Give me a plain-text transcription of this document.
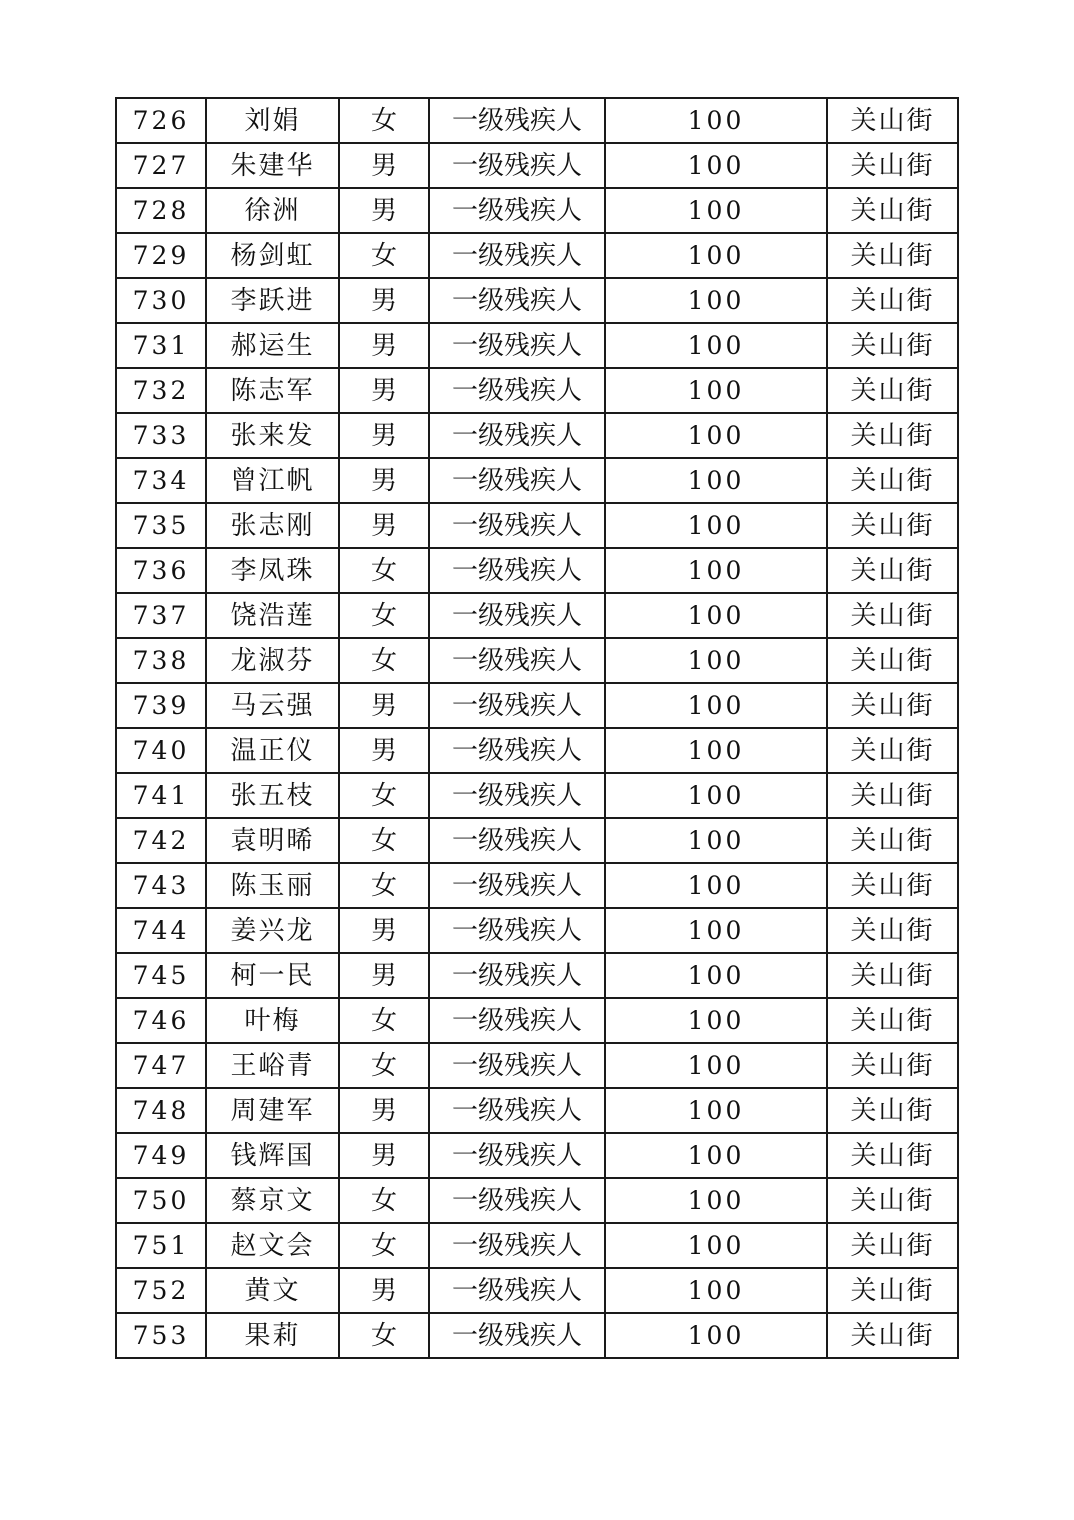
726	刘娟	女	一级残疾人	100	关山街
727	朱建华	男	一级残疾人	100	关山街
728	徐洲	男	一级残疾人	100	关山街
729	杨剑虹	女	一级残疾人	100	关山街
730	李跃进	男	一级残疾人	100	关山街
731	郝运生	男	一级残疾人	100	关山街
732	陈志军	男	一级残疾人	100	关山街
733	张来发	男	一级残疾人	100	关山街
734	曾江帆	男	一级残疾人	100	关山街
735	张志刚	男	一级残疾人	100	关山街
736	李凤珠	女	一级残疾人	100	关山街
737	饶浩莲	女	一级残疾人	100	关山街
738	龙淑芬	女	一级残疾人	100	关山街
739	马云强	男	一级残疾人	100	关山街
740	温正仪	男	一级残疾人	100	关山街
741	张五枝	女	一级残疾人	100	关山街
742	袁明晞	女	一级残疾人	100	关山街
743	陈玉丽	女	一级残疾人	100	关山街
744	姜兴龙	男	一级残疾人	100	关山街
745	柯一民	男	一级残疾人	100	关山街
746	叶梅	女	一级残疾人	100	关山街
747	王峪青	女	一级残疾人	100	关山街
748	周建军	男	一级残疾人	100	关山街
749	钱辉国	男	一级残疾人	100	关山街
750	蔡京文	女	一级残疾人	100	关山街
751	赵文会	女	一级残疾人	100	关山街
752	黄文	男	一级残疾人	100	关山街
753	果莉	女	一级残疾人	100	关山街
